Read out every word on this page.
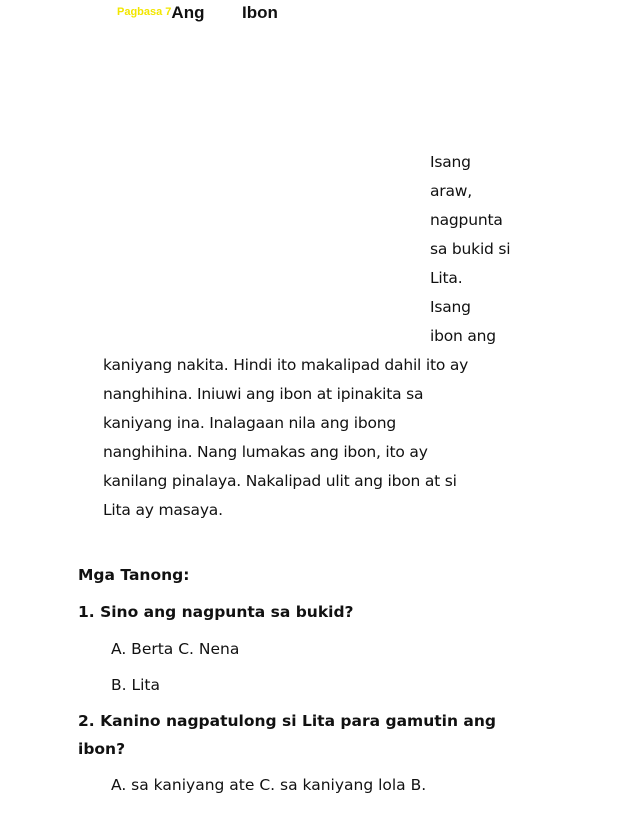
Pagbasa 7Ang Ibon
Isang
araw,
nagpunta
sa bukid si
Lita.
Isang
ibon ang
kaniyang nakita. Hindi ito makalipad dahil ito ay
nanghihina. Iniuwi ang ibon at ipinakita sa
kaniyang ina. Inalagaan nila ang ibong
nanghihina. Nang lumakas ang ibon, ito ay
kanilang pinalaya. Nakalipad ulit ang ibon at si
Lita ay masaya.
Mga Tanong:
1. Sino ang nagpunta sa bukid?
A. Berta C. Nena
B. Lita
2. Kanino nagpatulong si Lita para gamutin ang
ibon?
A. sa kaniyang ate C. sa kaniyang lola B.
